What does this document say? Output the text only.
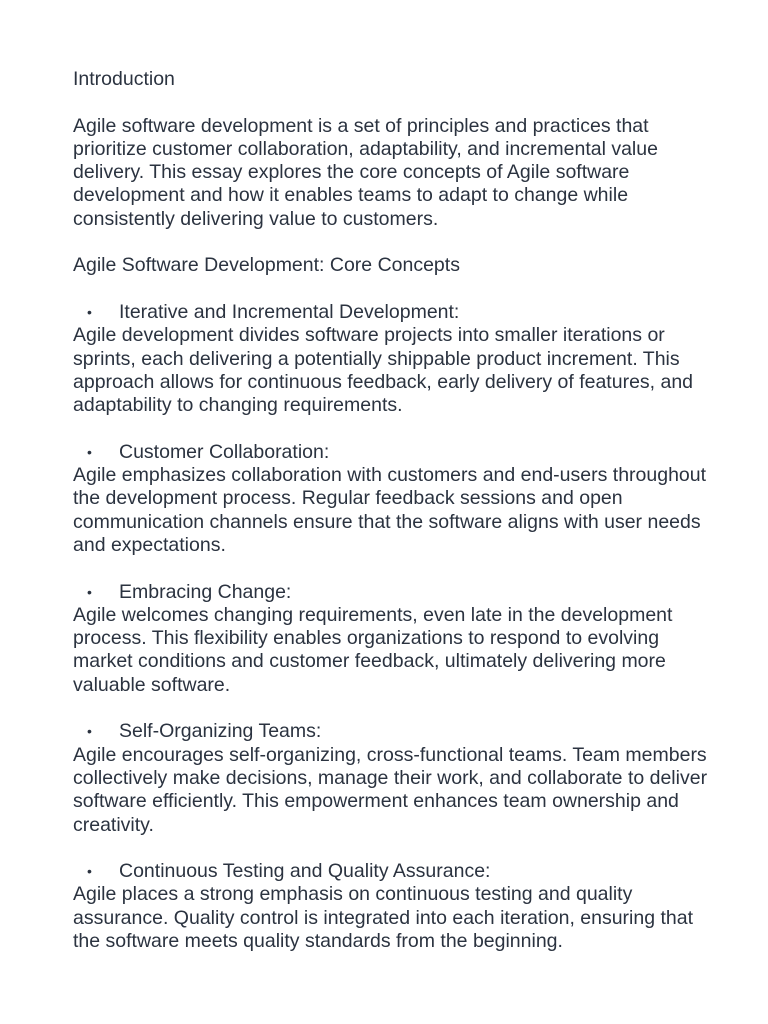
Introduction

Agile software development is a set of principles and practices that prioritize customer collaboration, adaptability, and incremental value delivery. This essay explores the core concepts of Agile software development and how it enables teams to adapt to change while consistently delivering value to customers.

Agile Software Development: Core Concepts

• Iterative and Incremental Development:

Agile development divides software projects into smaller iterations or sprints, each delivering a potentially shippable product increment. This approach allows for continuous feedback, early delivery of features, and adaptability to changing requirements.

• Customer Collaboration:

Agile emphasizes collaboration with customers and end-users throughout the development process. Regular feedback sessions and open communication channels ensure that the software aligns with user needs and expectations.

• Embracing Change:

Agile welcomes changing requirements, even late in the development process. This flexibility enables organizations to respond to evolving market conditions and customer feedback, ultimately delivering more valuable software.

• Self-Organizing Teams:

Agile encourages self-organizing, cross-functional teams. Team members collectively make decisions, manage their work, and collaborate to deliver software efficiently. This empowerment enhances team ownership and creativity.

• Continuous Testing and Quality Assurance:

Agile places a strong emphasis on continuous testing and quality assurance. Quality control is integrated into each iteration, ensuring that the software meets quality standards from the beginning.
